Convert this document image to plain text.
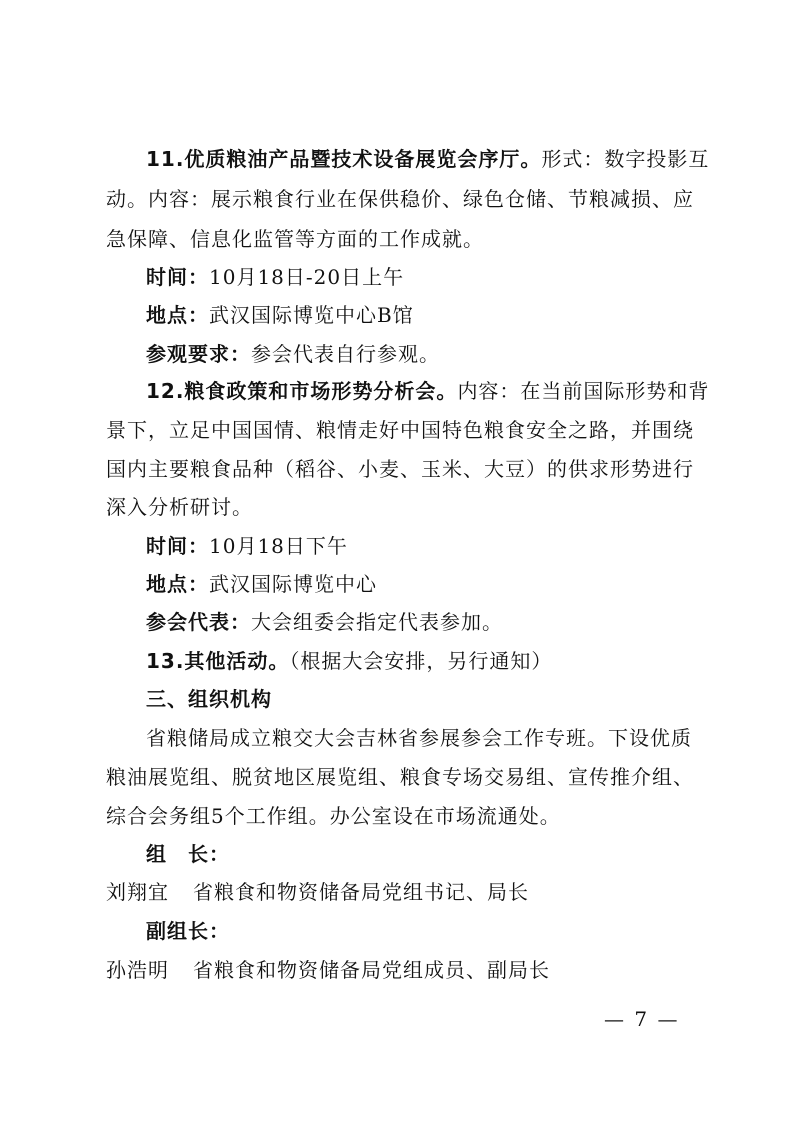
11.优质粮油产品暨技术设备展览会序厅。形式：数字投影互
动。内容：展示粮食行业在保供稳价、绿色仓储、节粮减损、应
急保障、信息化监管等方面的工作成就。
时间：10月18日-20日上午
地点：武汉国际博览中心B馆
参观要求：参会代表自行参观。
12.粮食政策和市场形势分析会。内容：在当前国际形势和背
景下，立足中国国情、粮情走好中国特色粮食安全之路，并围绕
国内主要粮食品种（稻谷、小麦、玉米、大豆）的供求形势进行
深入分析研讨。
时间：10月18日下午
地点：武汉国际博览中心
参会代表：大会组委会指定代表参加。
13.其他活动。（根据大会安排，另行通知）
三、组织机构
省粮储局成立粮交大会吉林省参展参会工作专班。下设优质
粮油展览组、脱贫地区展览组、粮食专场交易组、宣传推介组、
综合会务组5个工作组。办公室设在市场流通处。
组　长：
刘翔宜 省粮食和物资储备局党组书记、局长
副组长：
孙浩明 省粮食和物资储备局党组成员、副局长
— 7 —
